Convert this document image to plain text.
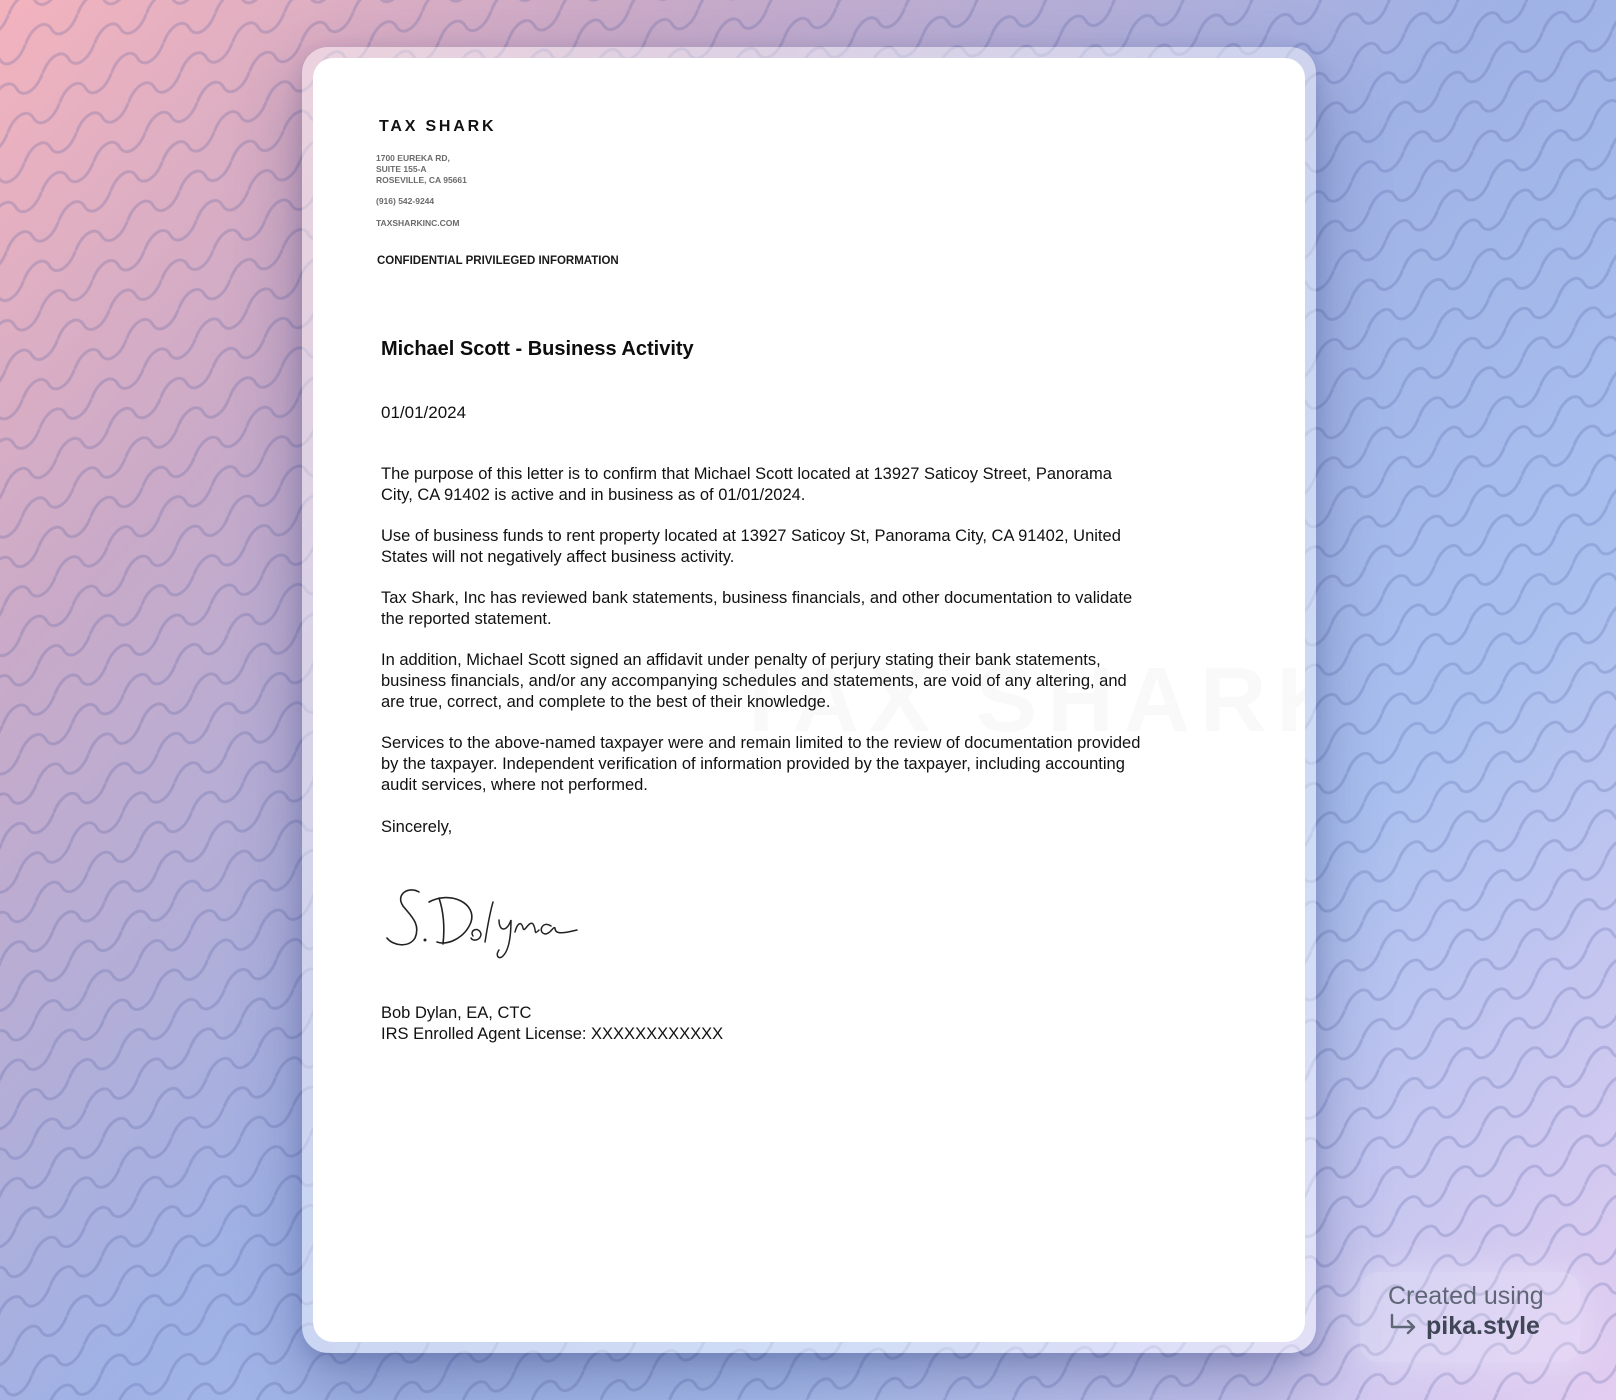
TAX SHARK
1700 EUREKA RD,
SUITE 155-A
ROSEVILLE, CA 95661
(916) 542-9244
TAXSHARKINC.COM
CONFIDENTIAL PRIVILEGED INFORMATION
Michael Scott - Business Activity
01/01/2024

The purpose of this letter is to confirm that Michael Scott located at 13927 Saticoy Street, Panorama City, CA 91402 is active and in business as of 01/01/2024.

Use of business funds to rent property located at 13927 Saticoy St, Panorama City, CA 91402, United States will not negatively affect business activity.

Tax Shark, Inc has reviewed bank statements, business financials, and other documentation to validate the reported statement.

In addition, Michael Scott signed an affidavit under penalty of perjury stating their bank statements, business financials, and/or any accompanying schedules and statements, are void of any altering, and are true, correct, and complete to the best of their knowledge.

Services to the above-named taxpayer were and remain limited to the review of documentation provided by the taxpayer. Independent verification of information provided by the taxpayer, including accounting audit services, where not performed.

Sincerely,
Bob Dylan, EA, CTC
IRS Enrolled Agent License: XXXXXXXXXXXX
Created using
pika.style
